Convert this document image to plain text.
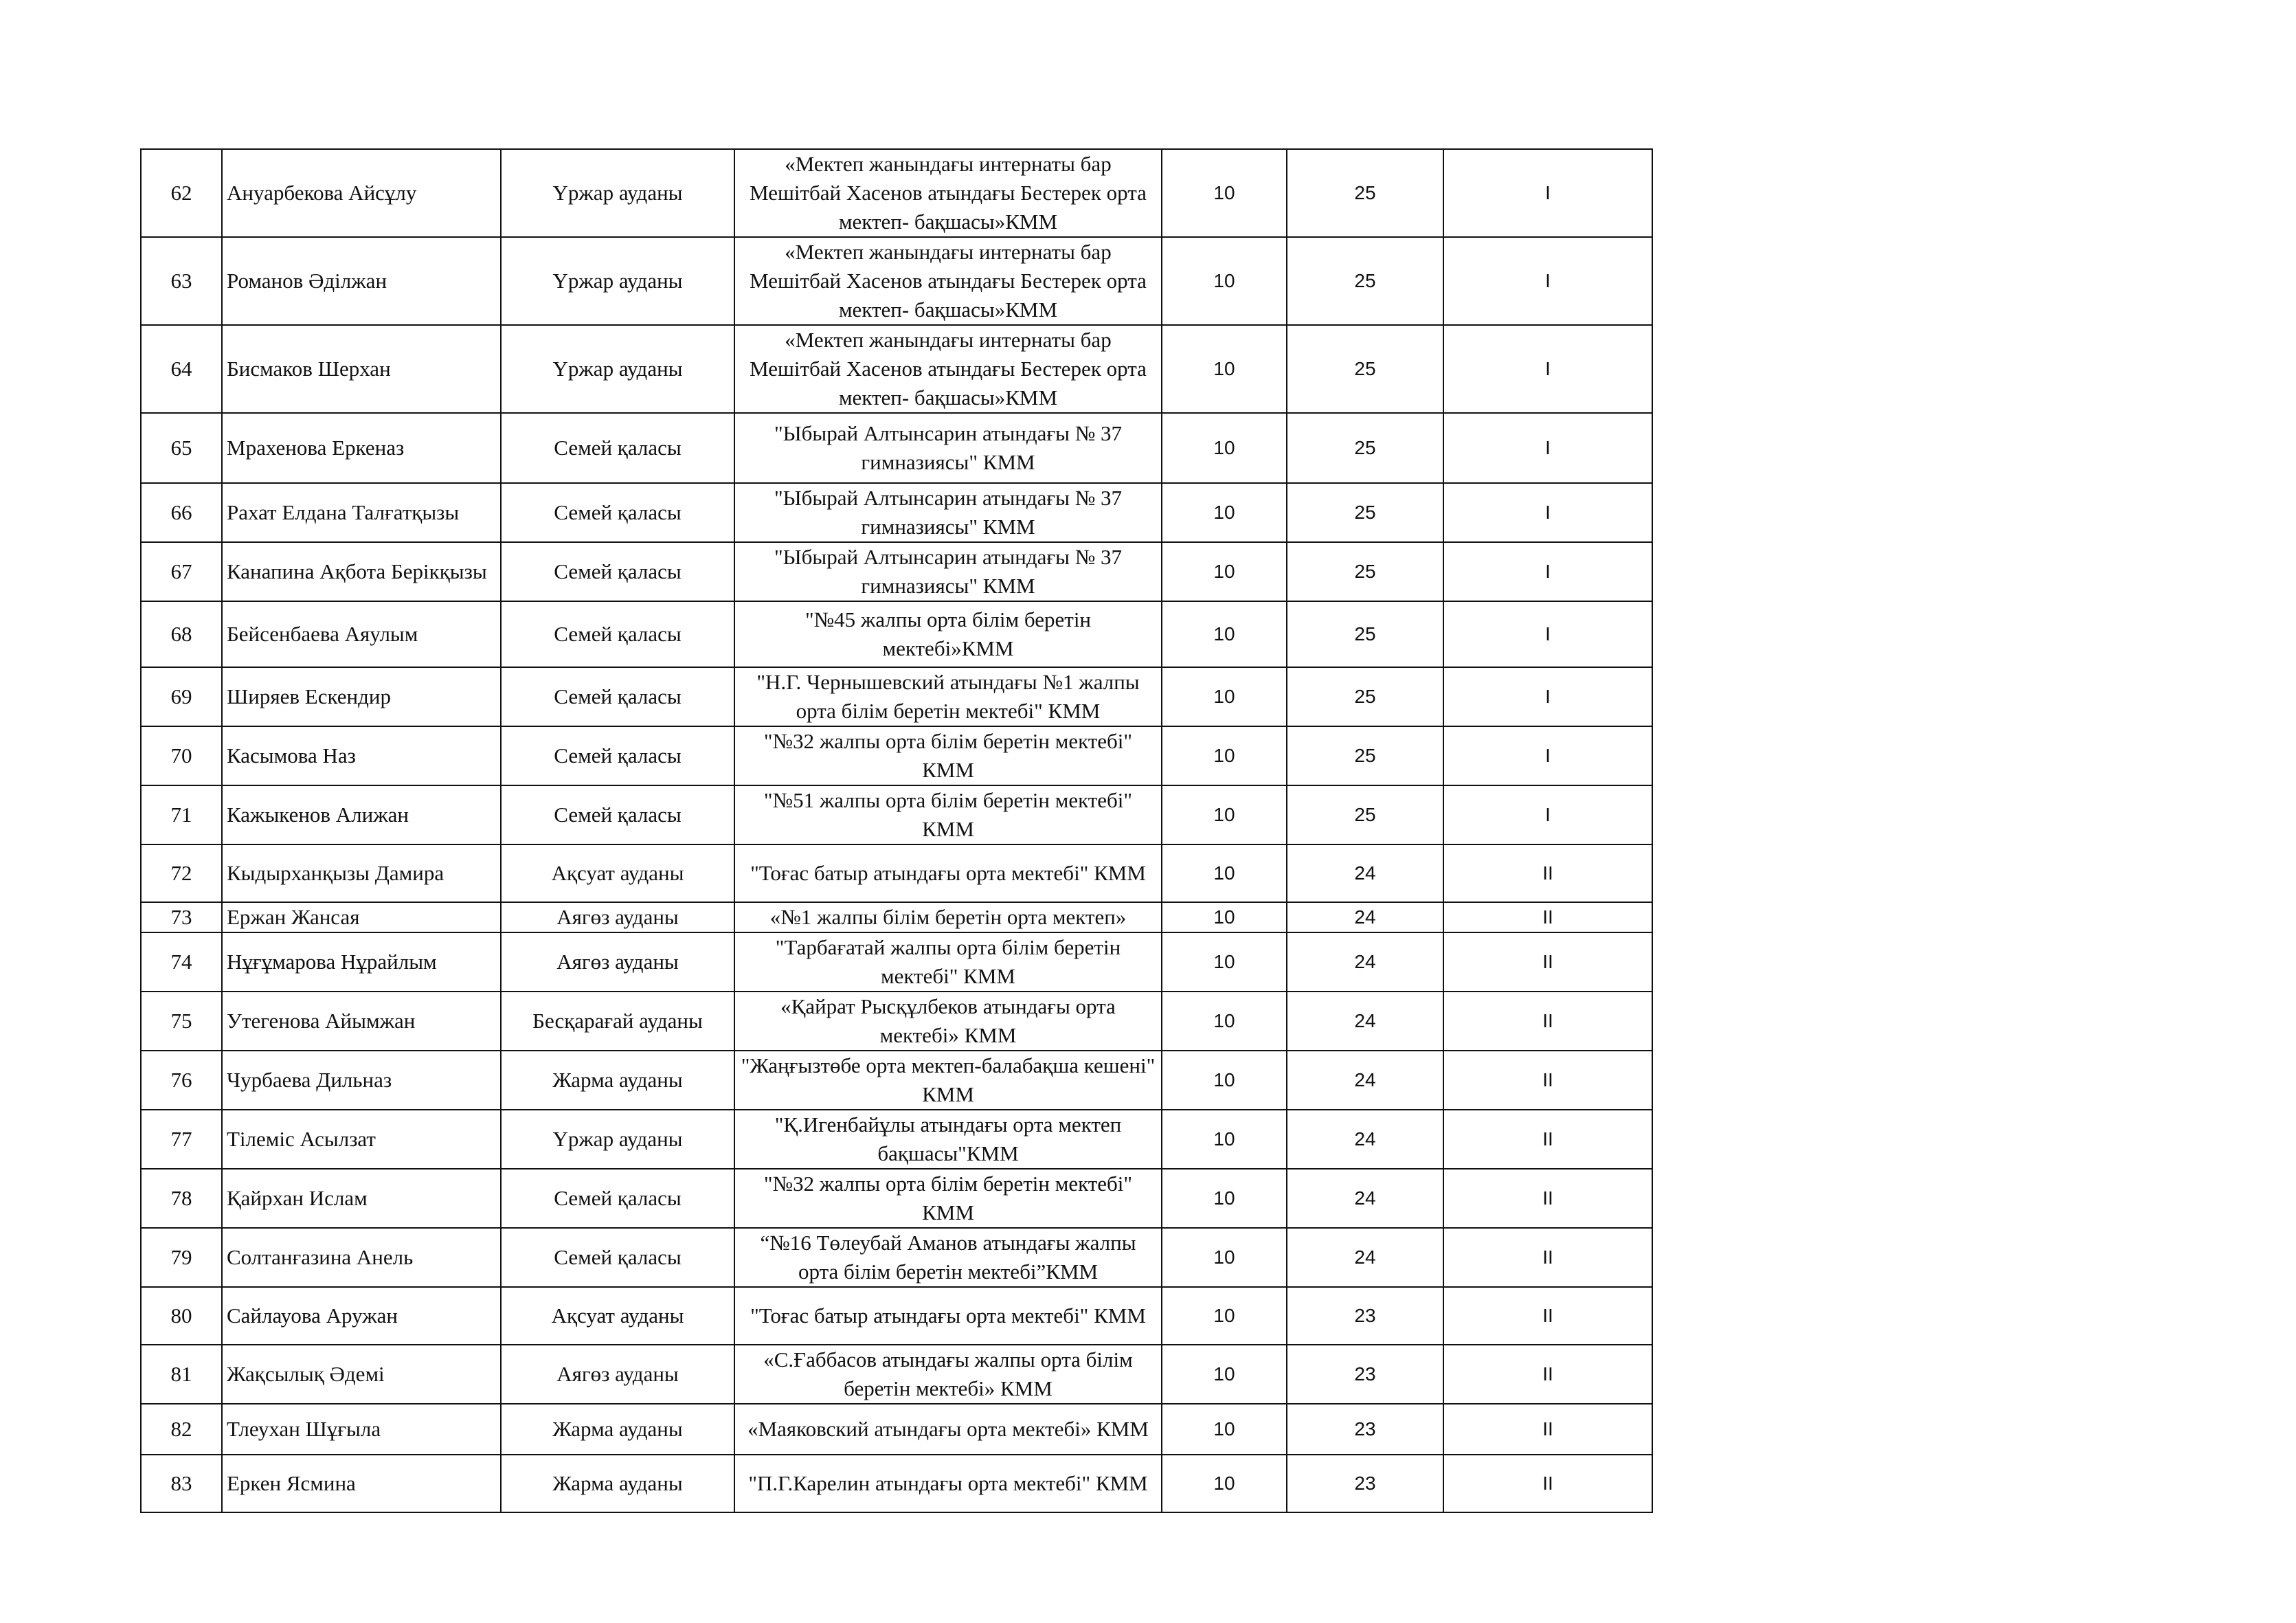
62	Ануарбекова Айсұлу	Үржар ауданы	«Мектеп жанындағы интернаты бар Мешітбай Хасенов атындағы Бестерек орта мектеп- бақшасы»КММ	10	25	I
63	Романов Әділжан	Үржар ауданы	«Мектеп жанындағы интернаты бар Мешітбай Хасенов атындағы Бестерек орта мектеп- бақшасы»КММ	10	25	I
64	Бисмаков Шерхан	Үржар ауданы	«Мектеп жанындағы интернаты бар Мешітбай Хасенов атындағы Бестерек орта мектеп- бақшасы»КММ	10	25	I
65	Мрахенова Еркеназ	Семей қаласы	"Ыбырай Алтынсарин атындағы № 37 гимназиясы" КММ	10	25	I
66	Рахат Елдана Талғатқызы	Семей қаласы	"Ыбырай Алтынсарин атындағы № 37 гимназиясы" КММ	10	25	I
67	Канапина Ақбота Берікқызы	Семей қаласы	"Ыбырай Алтынсарин атындағы № 37 гимназиясы" КММ	10	25	I
68	Бейсенбаева Аяулым	Семей қаласы	"№45 жалпы орта білім беретін мектебі»КММ	10	25	I
69	Ширяев Ескендир	Семей қаласы	"Н.Г. Чернышевский атындағы №1 жалпы орта білім беретін мектебі" КММ	10	25	I
70	Касымова Наз	Семей қаласы	"№32 жалпы орта білім беретін мектебі" КММ	10	25	I
71	Кажыкенов Алижан	Семей қаласы	"№51 жалпы орта білім беретін мектебі" КММ	10	25	I
72	Кыдырханқызы Дамира	Ақсуат ауданы	"Тоғас батыр атындағы орта мектебі" КММ	10	24	II
73	Ержан Жансая	Аягөз ауданы	«№1 жалпы білім беретін орта мектеп»	10	24	II
74	Нұғұмарова Нұрайлым	Аягөз ауданы	"Тарбағатай жалпы орта білім беретін мектебі" КММ	10	24	II
75	Утегенова Айымжан	Бесқарағай ауданы	«Қайрат Рысқұлбеков атындағы орта мектебі» КММ	10	24	II
76	Чурбаева Дильназ	Жарма ауданы	"Жаңғызтөбе орта мектеп-балабақша кешені" КММ	10	24	II
77	Тілеміс Асылзат	Үржар ауданы	"Қ.Игенбайұлы атындағы орта мектеп бақшасы"КММ	10	24	II
78	Қайрхан Ислам	Семей қаласы	"№32 жалпы орта білім беретін мектебі" КММ	10	24	II
79	Солтанғазина Анель	Семей қаласы	“№16 Төлеубай Аманов атындағы жалпы орта білім беретін мектебі”КММ	10	24	II
80	Сайлауова Аружан	Ақсуат ауданы	"Тоғас батыр атындағы орта мектебі" КММ	10	23	II
81	Жақсылық Әдемі	Аягөз ауданы	«С.Ғаббасов атындағы жалпы орта білім беретін мектебі» КММ	10	23	II
82	Тлеухан Шұғыла	Жарма ауданы	«Маяковский атындағы орта мектебі» КММ	10	23	II
83	Еркен Ясмина	Жарма ауданы	"П.Г.Карелин атындағы орта мектебі" КММ	10	23	II
